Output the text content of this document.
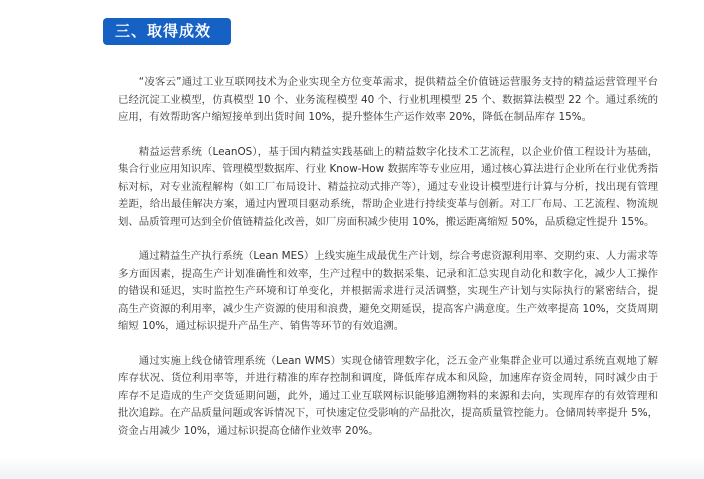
三、取得成效

“凌客云”通过工业互联网技术为企业实现全方位变革需求，提供精益全价值链运营服务支持的精益运营管理平台已经沉淀工业模型，仿真模型 10 个、业务流程模型 40 个、行业机理模型 25 个、数据算法模型 22 个。通过系统的应用，有效帮助客户缩短接单到出货时间 10%，提升整体生产运作效率 20%，降低在制品库存 15%。

精益运营系统（LeanOS），基于国内精益实践基础上的精益数字化技术工艺流程，以企业价值工程设计为基础，集合行业应用知识库、管理模型数据库、行业 Know-How 数据库等专业应用，通过核心算法进行企业所在行业优秀指标对标，对专业流程解构（如工厂布局设计、精益拉动式排产等），通过专业设计模型进行计算与分析，找出现有管理差距，给出最佳解决方案，通过内置项目驱动系统，帮助企业进行持续变革与创新。对工厂布局、工艺流程、物流规划、品质管理可达到全价值链精益化改善，如厂房面积减少使用 10%，搬运距离缩短 50%，品质稳定性提升 15%。

通过精益生产执行系统（Lean MES）上线实施生成最优生产计划，综合考虑资源利用率、交期约束、人力需求等多方面因素，提高生产计划准确性和效率，生产过程中的数据采集、记录和汇总实现自动化和数字化，减少人工操作的错误和延迟，实时监控生产环境和订单变化，并根据需求进行灵活调整，实现生产计划与实际执行的紧密结合，提高生产资源的利用率，减少生产资源的使用和浪费，避免交期延误，提高客户满意度。生产效率提高 10%，交货周期缩短 10%，通过标识提升产品生产、销售等环节的有效追溯。

通过实施上线仓储管理系统（Lean WMS）实现仓储管理数字化，泛五金产业集群企业可以通过系统直观地了解库存状况、货位利用率等，并进行精准的库存控制和调度，降低库存成本和风险，加速库存资金周转，同时减少由于库存不足造成的生产交货延期问题，此外，通过工业互联网标识能够追溯物料的来源和去向，实现库存的有效管理和批次追踪。在产品质量问题或客诉情况下，可快速定位受影响的产品批次，提高质量管控能力。仓储周转率提升 5%，资金占用减少 10%，通过标识提高仓储作业效率 20%。
